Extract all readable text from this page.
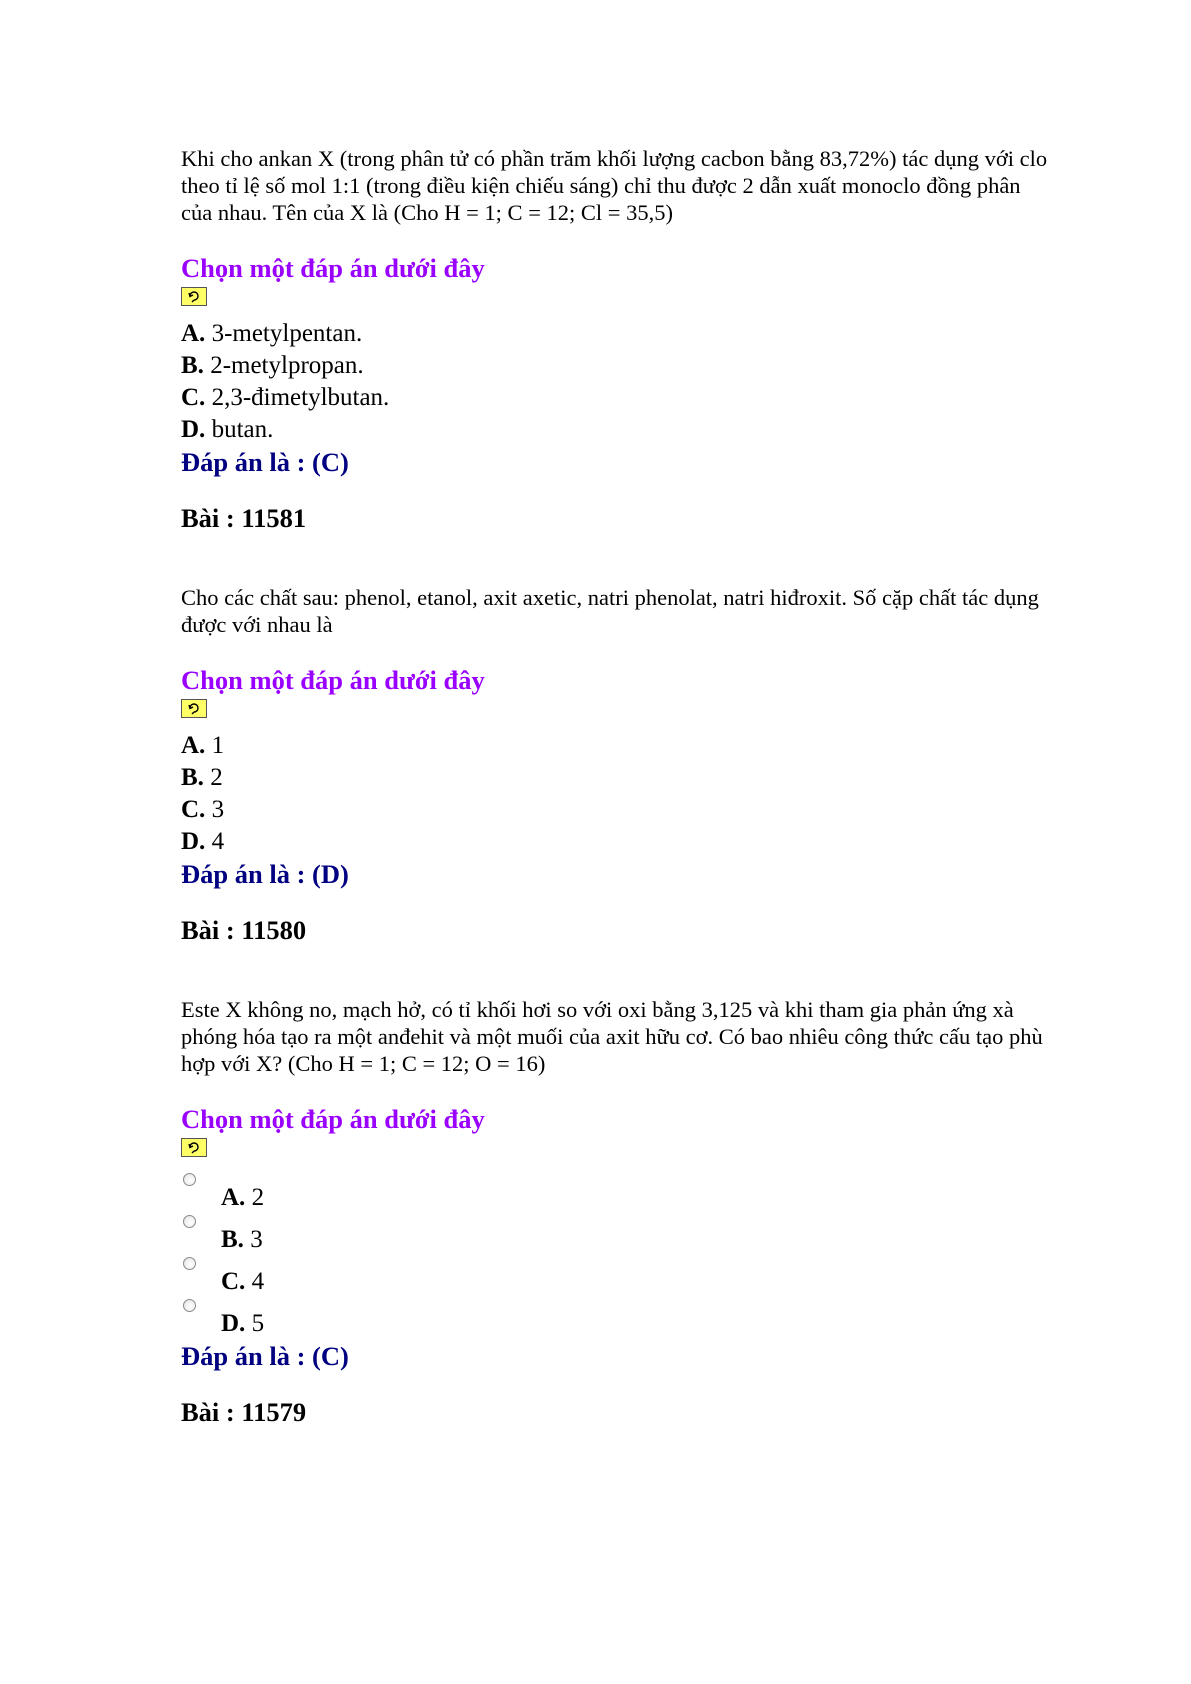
Khi cho ankan X (trong phân tử có phần trăm khối lượng cacbon bằng 83,72%) tác dụng với clo
theo tỉ lệ số mol 1:1 (trong điều kiện chiếu sáng) chỉ thu được 2 dẫn xuất monoclo đồng phân
của nhau. Tên của X là (Cho H = 1; C = 12; Cl = 35,5)

Chọn một đáp án dưới đây

A. 3-metylpentan.
B. 2-metylpropan.
C. 2,3-đimetylbutan.
D. butan.

Đáp án là : (C)

Bài : 11581

Cho các chất sau: phenol, etanol, axit axetic, natri phenolat, natri hiđroxit. Số cặp chất tác dụng
được với nhau là

Chọn một đáp án dưới đây

A. 1
B. 2
C. 3
D. 4

Đáp án là : (D)

Bài : 11580

Este X không no, mạch hở, có tỉ khối hơi so với oxi bằng 3,125 và khi tham gia phản ứng xà
phóng hóa tạo ra một anđehit và một muối của axit hữu cơ. Có bao nhiêu công thức cấu tạo phù
hợp với X? (Cho H = 1; C = 12; O = 16)

Chọn một đáp án dưới đây

A. 2
B. 3
C. 4
D. 5

Đáp án là : (C)

Bài : 11579
